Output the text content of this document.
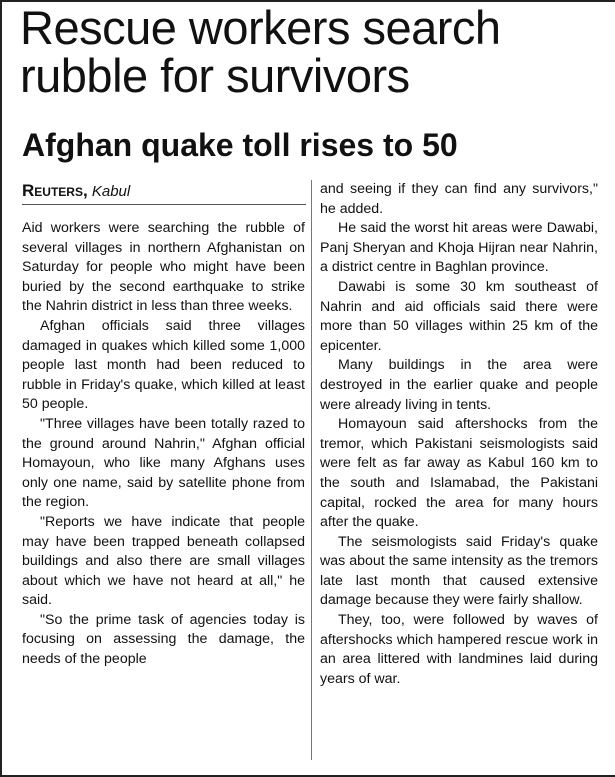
Rescue workers search rubble for survivors
Afghan quake toll rises to 50
Reuters, Kabul

Aid workers were searching the rubble of several villages in northern Afghanistan on Saturday for people who might have been buried by the second earthquake to strike the Nahrin district in less than three weeks.

Afghan officials said three villages damaged in quakes which killed some 1,000 people last month had been reduced to rubble in Friday's quake, which killed at least 50 people.

"Three villages have been totally razed to the ground around Nahrin," Afghan official Homayoun, who like many Afghans uses only one name, said by satellite phone from the region.

"Reports we have indicate that people may have been trapped beneath collapsed buildings and also there are small villages about which we have not heard at all," he said.

"So the prime task of agencies today is focusing on assessing the damage, the needs of the people

and seeing if they can find any survivors," he added.

He said the worst hit areas were Dawabi, Panj Sheryan and Khoja Hijran near Nahrin, a district centre in Baghlan province.

Dawabi is some 30 km southeast of Nahrin and aid officials said there were more than 50 villages within 25 km of the epicenter.

Many buildings in the area were destroyed in the earlier quake and people were already living in tents.

Homayoun said aftershocks from the tremor, which Pakistani seismologists said were felt as far away as Kabul 160 km to the south and Islamabad, the Pakistani capital, rocked the area for many hours after the quake.

The seismologists said Friday's quake was about the same intensity as the tremors late last month that caused extensive damage because they were fairly shallow.

They, too, were followed by waves of aftershocks which hampered rescue work in an area littered with landmines laid during years of war.
